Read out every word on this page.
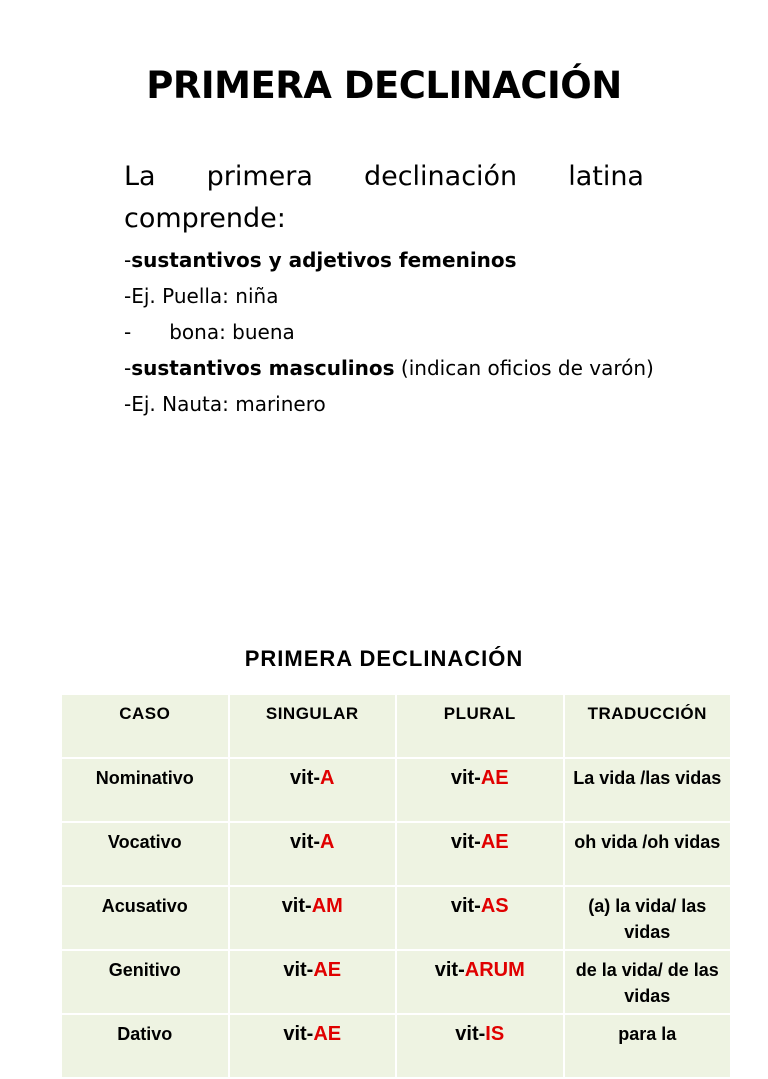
PRIMERA DECLINACIÓN
La primera declinación latina
comprende:
-sustantivos y adjetivos femeninos
-Ej. Puella: niña
- bona: buena
-sustantivos masculinos (indican oficios de varón)
-Ej. Nauta: marinero
PRIMERA DECLINACIÓN
CASO	SINGULAR	PLURAL	TRADUCCIÓN
Nominativo	vit-A	vit-AE	La vida /las vidas
Vocativo	vit-A	vit-AE	oh vida /oh vidas
Acusativo	vit-AM	vit-AS	(a) la vida/ las vidas
Genitivo	vit-AE	vit-ARUM	de la vida/ de las vidas
Dativo	vit-AE	vit-IS	para la
